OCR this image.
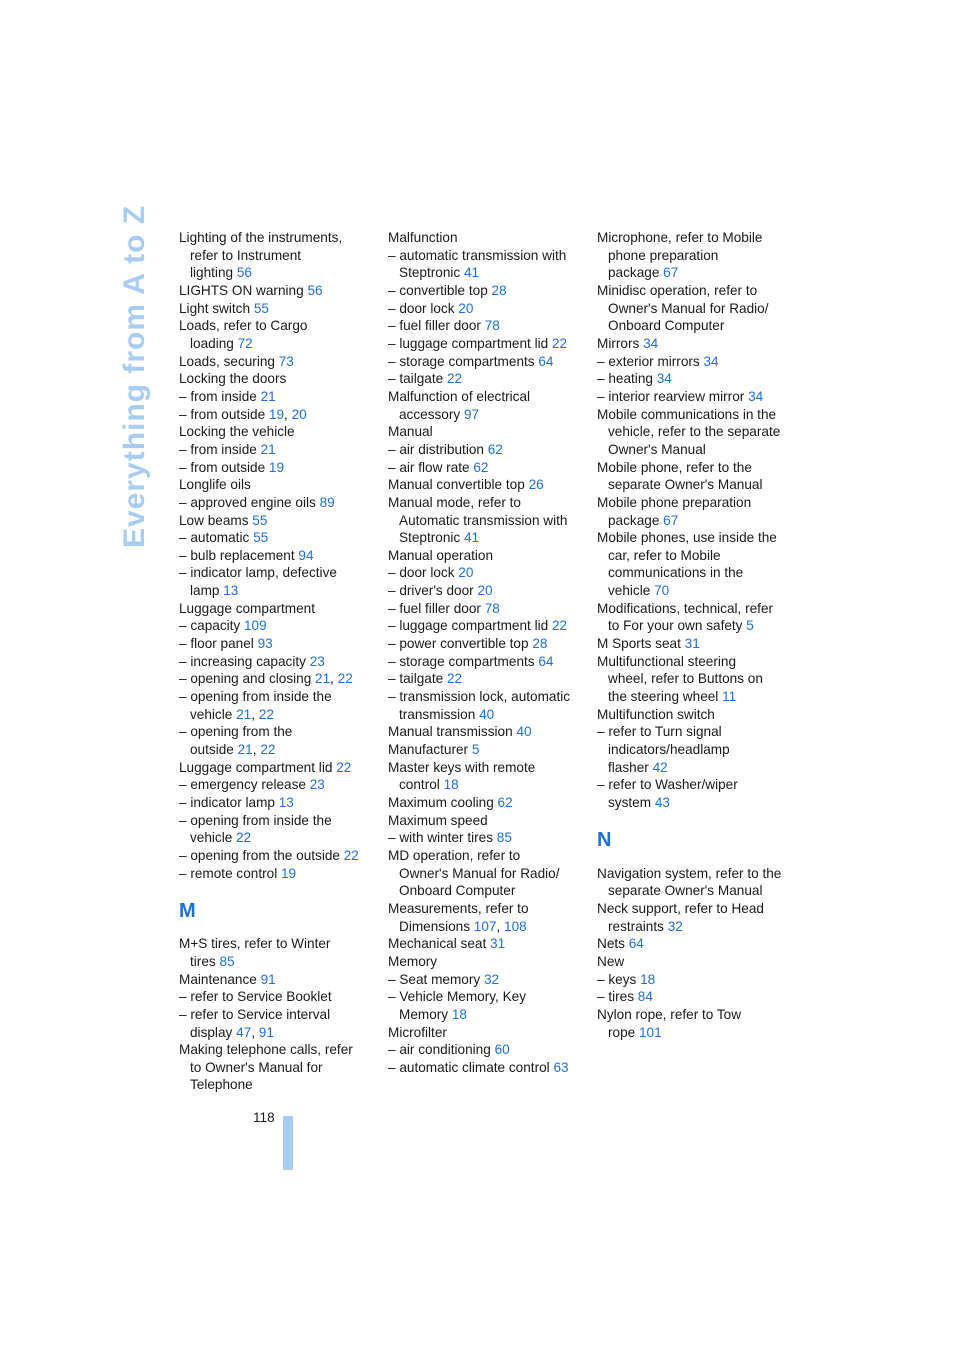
Everything from A to Z Lighting of the instruments,
refer to Instrument
lighting 56
LIGHTS ON warning 56
Light switch 55
Loads, refer to Cargo
loading 72
Loads, securing 73
Locking the doors
– from inside 21
– from outside 19, 20
Locking the vehicle
– from inside 21
– from outside 19
Longlife oils
– approved engine oils 89
Low beams 55
– automatic 55
– bulb replacement 94
– indicator lamp, defective
lamp 13
Luggage compartment
– capacity 109
– floor panel 93
– increasing capacity 23
– opening and closing 21, 22
– opening from inside the
vehicle 21, 22
– opening from the
outside 21, 22
Luggage compartment lid 22
– emergency release 23
– indicator lamp 13
– opening from inside the
vehicle 22
– opening from the outside 22
– remote control 19
M
M+S tires, refer to Winter
tires 85
Maintenance 91
– refer to Service Booklet
– refer to Service interval
display 47, 91
Making telephone calls, refer
to Owner's Manual for
Telephone
Malfunction
– automatic transmission with
Steptronic 41
– convertible top 28
– door lock 20
– fuel filler door 78
– luggage compartment lid 22
– storage compartments 64
– tailgate 22
Malfunction of electrical
accessory 97
Manual
– air distribution 62
– air flow rate 62
Manual convertible top 26
Manual mode, refer to
Automatic transmission with
Steptronic 41
Manual operation
– door lock 20
– driver's door 20
– fuel filler door 78
– luggage compartment lid 22
– power convertible top 28
– storage compartments 64
– tailgate 22
– transmission lock, automatic
transmission 40
Manual transmission 40
Manufacturer 5
Master keys with remote
control 18
Maximum cooling 62
Maximum speed
– with winter tires 85
MD operation, refer to
Owner's Manual for Radio/
Onboard Computer
Measurements, refer to
Dimensions 107, 108
Mechanical seat 31
Memory
– Seat memory 32
– Vehicle Memory, Key
Memory 18
Microfilter
– air conditioning 60
– automatic climate control 63
Microphone, refer to Mobile
phone preparation
package 67
Minidisc operation, refer to
Owner's Manual for Radio/
Onboard Computer
Mirrors 34
– exterior mirrors 34
– heating 34
– interior rearview mirror 34
Mobile communications in the
vehicle, refer to the separate
Owner's Manual
Mobile phone, refer to the
separate Owner's Manual
Mobile phone preparation
package 67
Mobile phones, use inside the
car, refer to Mobile
communications in the
vehicle 70
Modifications, technical, refer
to For your own safety 5
M Sports seat 31
Multifunctional steering
wheel, refer to Buttons on
the steering wheel 11
Multifunction switch
– refer to Turn signal
indicators/headlamp
flasher 42
– refer to Washer/wiper
system 43
N
Navigation system, refer to the
separate Owner's Manual
Neck support, refer to Head
restraints 32
Nets 64
New
– keys 18
– tires 84
Nylon rope, refer to Tow
rope 101
118
